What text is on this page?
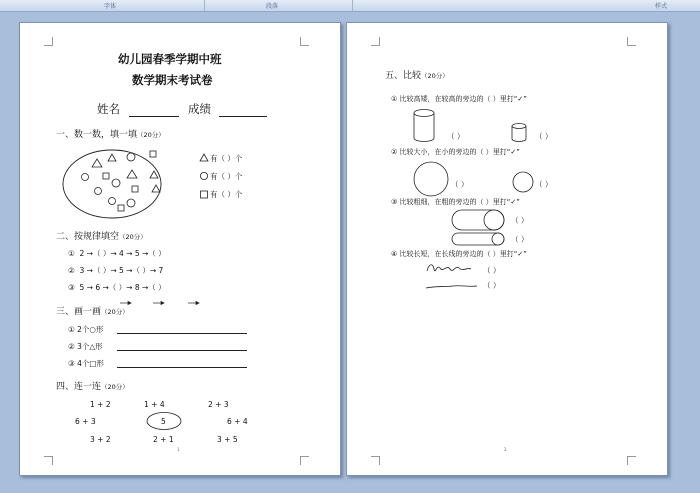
字体	段落	样式
幼儿园春季学期中班
数学期末考试卷
姓名	成绩
一、数一数，填一填（20分）
有（ ）个
有（ ）个
有（ ）个
二、按规律填空（20分）
① 2 →（ ）→ 4 → 5 →（ ）
② 3 →（ ）→ 5 →（ ）→ 7
③ 5 → 6 →（ ）→ 8 →（ ）
三、画一画（20分）
① 2个○形
② 3个△形
③ 4个□形
四、连一连（20分）
1 + 2	1 + 4	2 + 3
6 + 3	5	6 + 4
3 + 2	2 + 1	3 + 5
1
五、比较（20分）
① 比较高矮，在较高的旁边的（ ）里打“✓”
（ ）	（ ）
② 比较大小，在小的旁边的（ ）里打“✓”
（ ）	（ ）
③ 比较粗细，在粗的旁边的（ ）里打“✓”
（ ）
（ ）
④ 比较长短，在长线的旁边的（ ）里打“✓”
（ ）
（ ）
2
